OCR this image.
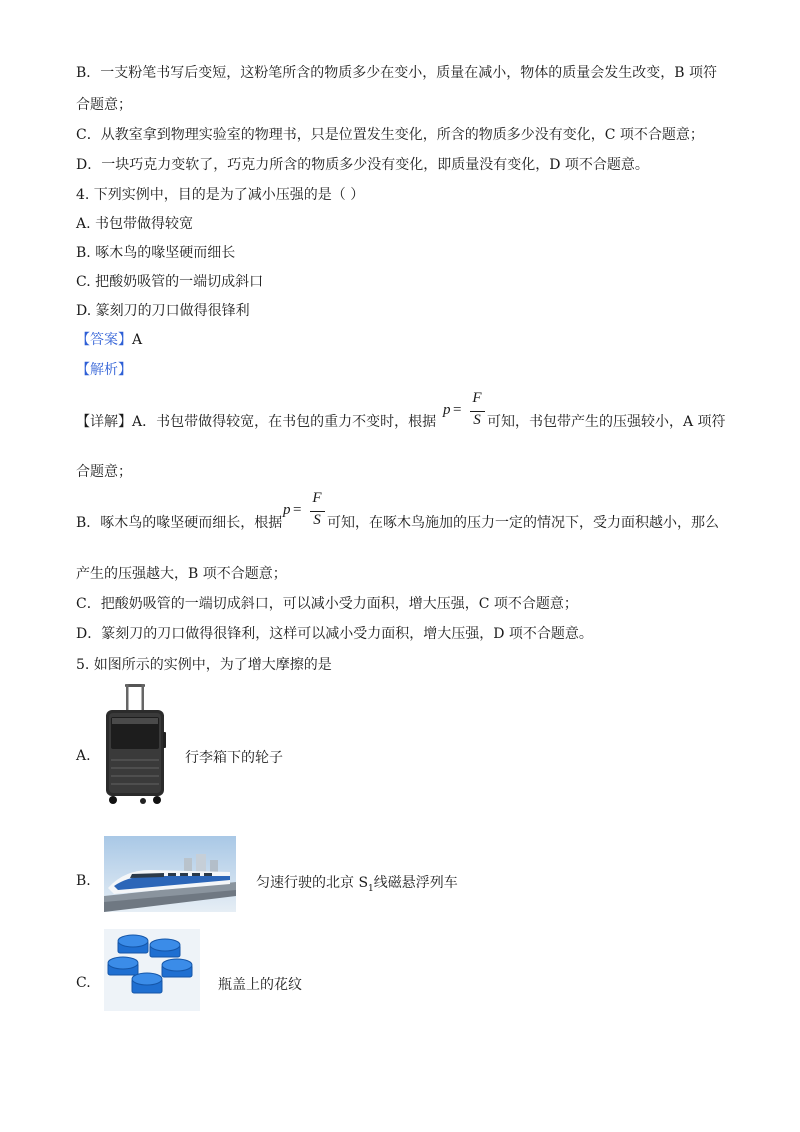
B．一支粉笔书写后变短，这粉笔所含的物质多少在变小，质量在减小，物体的质量会发生改变，B 项符
合题意；
C．从教室拿到物理实验室的物理书，只是位置发生变化，所含的物质多少没有变化，C 项不合题意；
D．一块巧克力变软了，巧克力所含的物质多少没有变化，即质量没有变化，D 项不合题意。
4. 下列实例中，目的是为了减小压强的是（ ）
A. 书包带做得较宽
B. 啄木鸟的喙坚硬而细长
C. 把酸奶吸管的一端切成斜口
D. 篆刻刀的刀口做得很锋利
【答案】A
【解析】
【详解】A．书包带做得较宽，在书包的重力不变时，根据
p =
F
S 可知，书包带产生的压强较小，A 项符
合题意；
B．啄木鸟的喙坚硬而细长，根据
p =
F
S 可知，在啄木鸟施加的压力一定的情况下，受力面积越小，那么
产生的压强越大，B 项不合题意；
C．把酸奶吸管的一端切成斜口，可以减小受力面积，增大压强，C 项不合题意；
D．篆刻刀的刀口做得很锋利，这样可以减小受力面积，增大压强，D 项不合题意。
5. 如图所示的实例中，为了增大摩擦的是
A.	行李箱下的轮子
B.	匀速行驶的北京 $S_1$线磁悬浮列车
C.	瓶盖上的花纹
